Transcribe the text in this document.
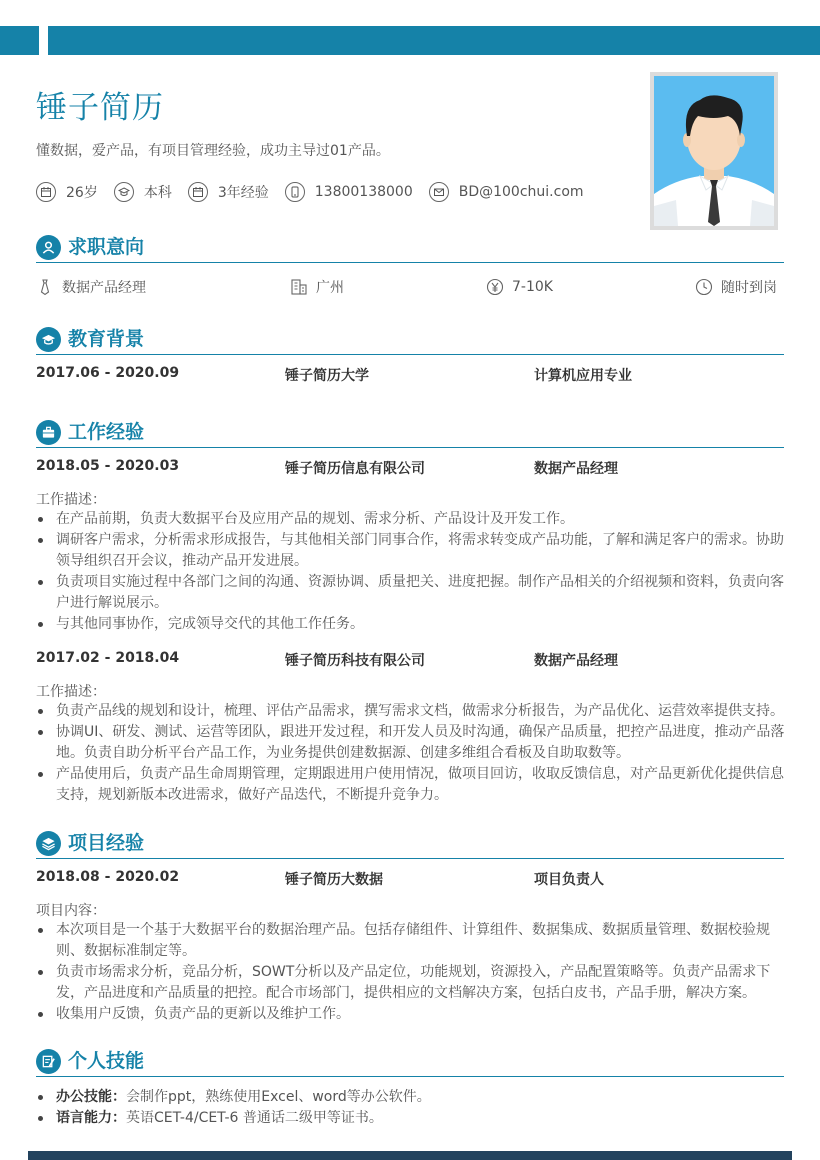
锤子简历
懂数据，爱产品，有项目管理经验，成功主导过01产品。
26岁	本科	3年经验	13800138000	BD@100chui.com
求职意向
数据产品经理	广州	7-10K	随时到岗
教育背景
2017.06 - 2020.09	锤子简历大学	计算机应用专业
工作经验
2018.05 - 2020.03	锤子简历信息有限公司	数据产品经理
工作描述：
在产品前期，负责大数据平台及应用产品的规划、需求分析、产品设计及开发工作。
调研客户需求，分析需求形成报告，与其他相关部门同事合作，将需求转变成产品功能，了解和满足客户的需求。协助领导组织召开会议，推动产品开发进展。
负责项目实施过程中各部门之间的沟通、资源协调、质量把关、进度把握。制作产品相关的介绍视频和资料，负责向客户进行解说展示。
与其他同事协作，完成领导交代的其他工作任务。
2017.02 - 2018.04	锤子简历科技有限公司	数据产品经理
工作描述：
负责产品线的规划和设计，梳理、评估产品需求，撰写需求文档，做需求分析报告，为产品优化、运营效率提供支持。
协调UI、研发、测试、运营等团队，跟进开发过程，和开发人员及时沟通，确保产品质量，把控产品进度，推动产品落地。负责自助分析平台产品工作，为业务提供创建数据源、创建多维组合看板及自助取数等。
产品使用后，负责产品生命周期管理，定期跟进用户使用情况，做项目回访，收取反馈信息，对产品更新优化提供信息支持，规划新版本改进需求，做好产品迭代，不断提升竞争力。
项目经验
2018.08 - 2020.02	锤子简历大数据	项目负责人
项目内容：
本次项目是一个基于大数据平台的数据治理产品。包括存储组件、计算组件、数据集成、数据质量管理、数据校验规则、数据标准制定等。
负责市场需求分析，竞品分析，SOWT分析以及产品定位，功能规划，资源投入，产品配置策略等。负责产品需求下发，产品进度和产品质量的把控。配合市场部门，提供相应的文档解决方案，包括白皮书，产品手册，解决方案。
收集用户反馈，负责产品的更新以及维护工作。
个人技能
办公技能：会制作ppt，熟练使用Excel、word等办公软件。
语言能力：英语CET-4/CET-6 普通话二级甲等证书。
